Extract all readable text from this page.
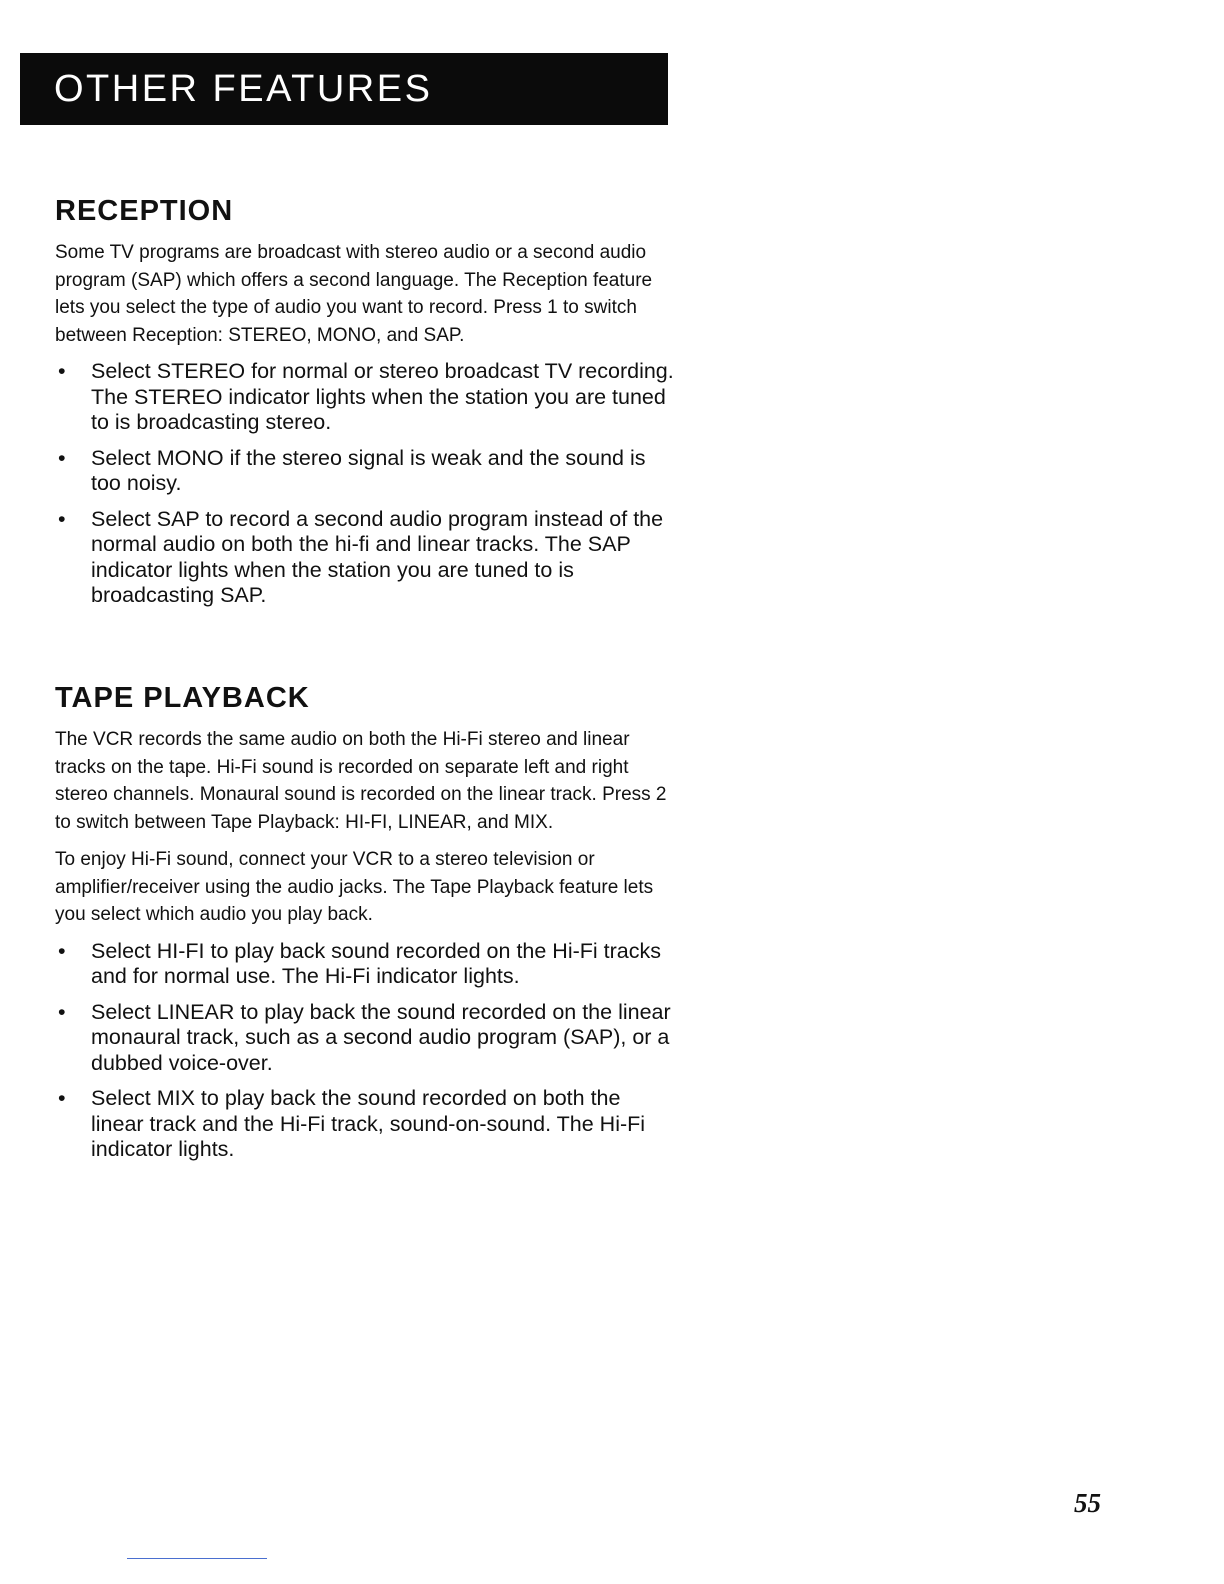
OTHER FEATURES
RECEPTION

Some TV programs are broadcast with stereo audio or a second audio program (SAP) which offers a second language. The Reception feature lets you select the type of audio you want to record. Press 1 to switch between Reception: STEREO, MONO, and SAP.

• Select STEREO for normal or stereo broadcast TV recording. The STEREO indicator lights when the station you are tuned to is broadcasting stereo.
• Select MONO if the stereo signal is weak and the sound is too noisy.
• Select SAP to record a second audio program instead of the normal audio on both the hi-fi and linear tracks. The SAP indicator lights when the station you are tuned to is broadcasting SAP.
TAPE PLAYBACK

The VCR records the same audio on both the Hi-Fi stereo and linear tracks on the tape. Hi-Fi sound is recorded on separate left and right stereo channels. Monaural sound is recorded on the linear track. Press 2 to switch between Tape Playback: HI-FI, LINEAR, and MIX.

To enjoy Hi-Fi sound, connect your VCR to a stereo television or amplifier/receiver using the audio jacks. The Tape Playback feature lets you select which audio you play back.

• Select HI-FI to play back sound recorded on the Hi-Fi tracks and for normal use. The Hi-Fi indicator lights.
• Select LINEAR to play back the sound recorded on the linear monaural track, such as a second audio program (SAP), or a dubbed voice-over.
• Select MIX to play back the sound recorded on both the linear track and the Hi-Fi track, sound-on-sound. The Hi-Fi indicator lights.
55
